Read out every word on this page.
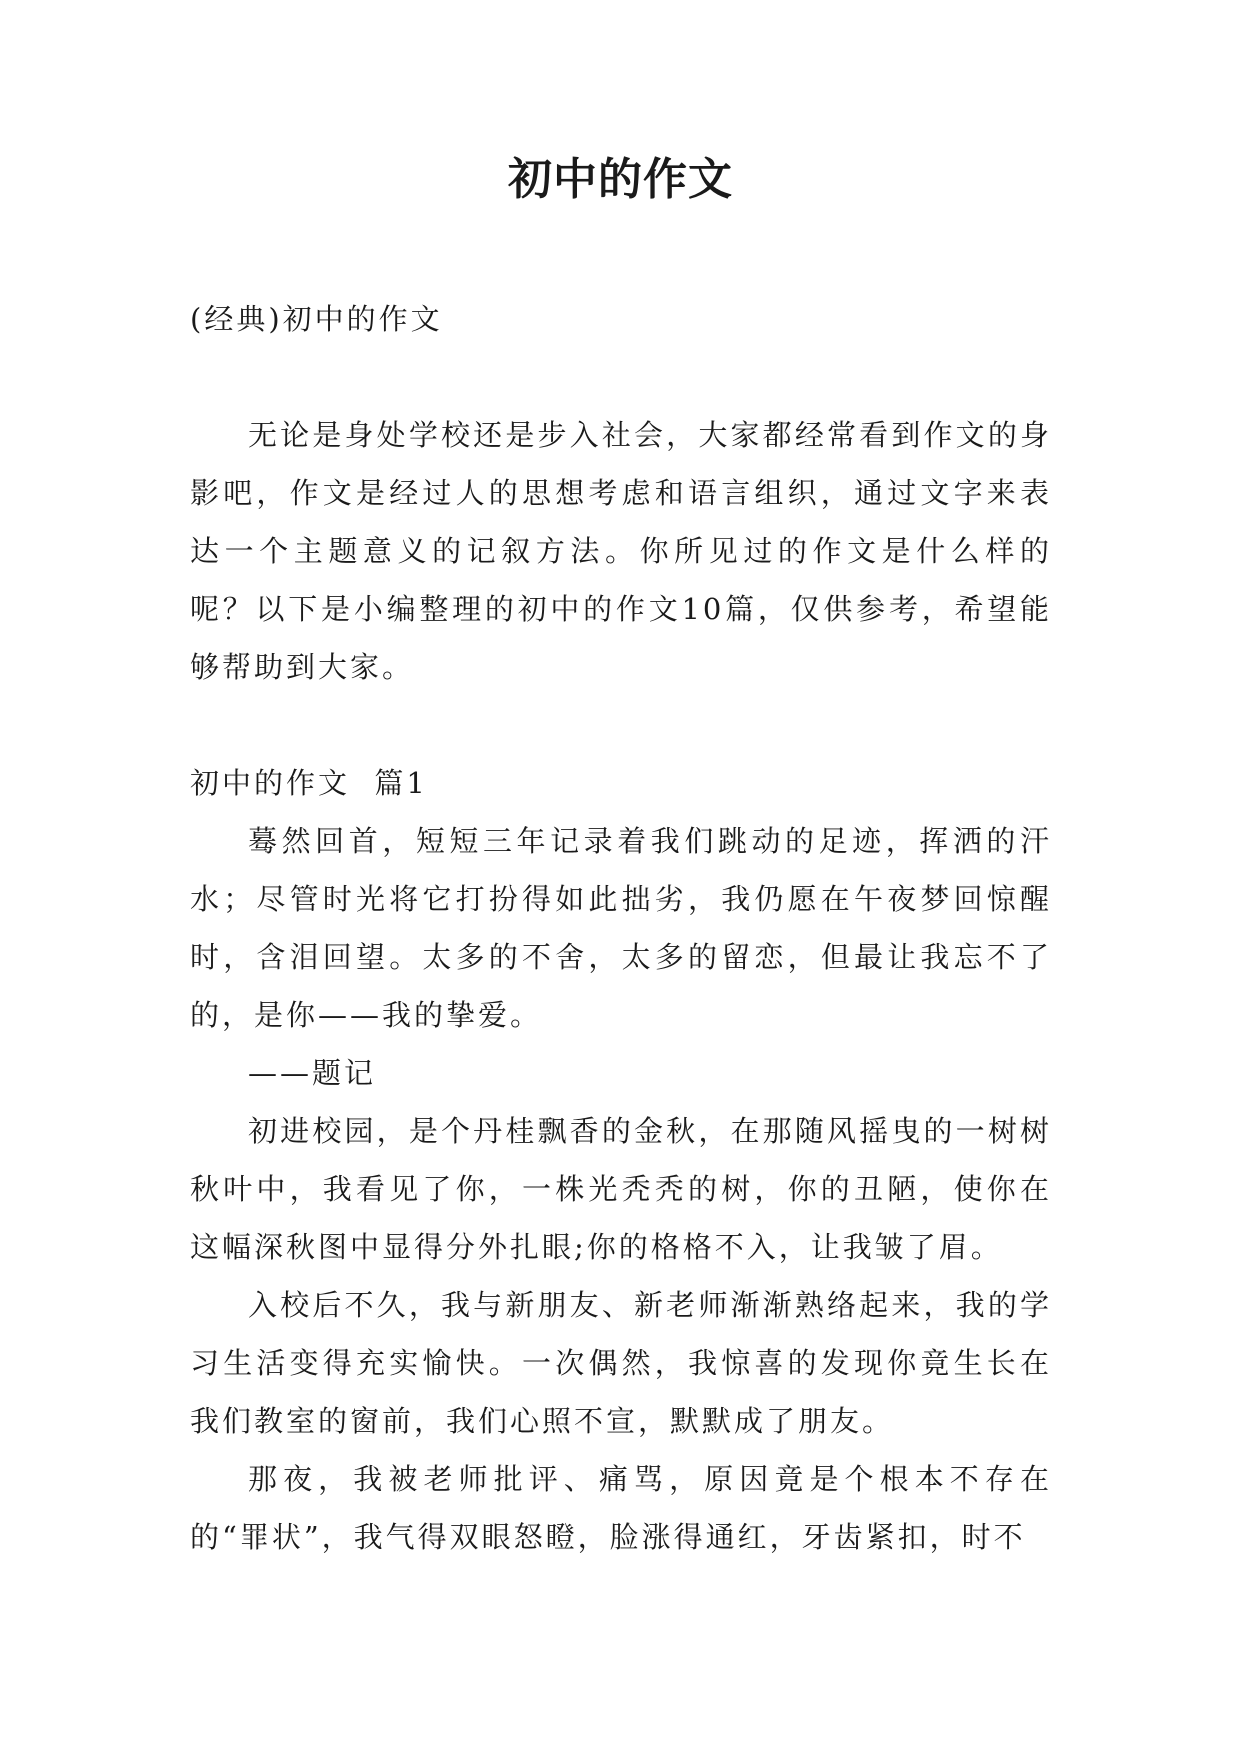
初中的作文

(经典)初中的作文

无论是身处学校还是步入社会，大家都经常看到作文的身影吧，作文是经过人的思想考虑和语言组织，通过文字来表达一个主题意义的记叙方法。你所见过的作文是什么样的呢？以下是小编整理的初中的作文10篇，仅供参考，希望能够帮助到大家。

初中的作文  篇1

蓦然回首，短短三年记录着我们跳动的足迹，挥洒的汗水；尽管时光将它打扮得如此拙劣，我仍愿在午夜梦回惊醒时，含泪回望。太多的不舍，太多的留恋，但最让我忘不了的，是你——我的挚爱。

——题记

初进校园，是个丹桂飘香的金秋，在那随风摇曳的一树树秋叶中，我看见了你，一株光秃秃的树，你的丑陋，使你在这幅深秋图中显得分外扎眼;你的格格不入，让我皱了眉。

入校后不久，我与新朋友、新老师渐渐熟络起来，我的学习生活变得充实愉快。一次偶然，我惊喜的发现你竟生长在我们教室的窗前，我们心照不宣，默默成了朋友。

那夜，我被老师批评、痛骂，原因竟是个根本不存在的“罪状”，我气得双眼怒瞪，脸涨得通红，牙齿紧扣，时不
